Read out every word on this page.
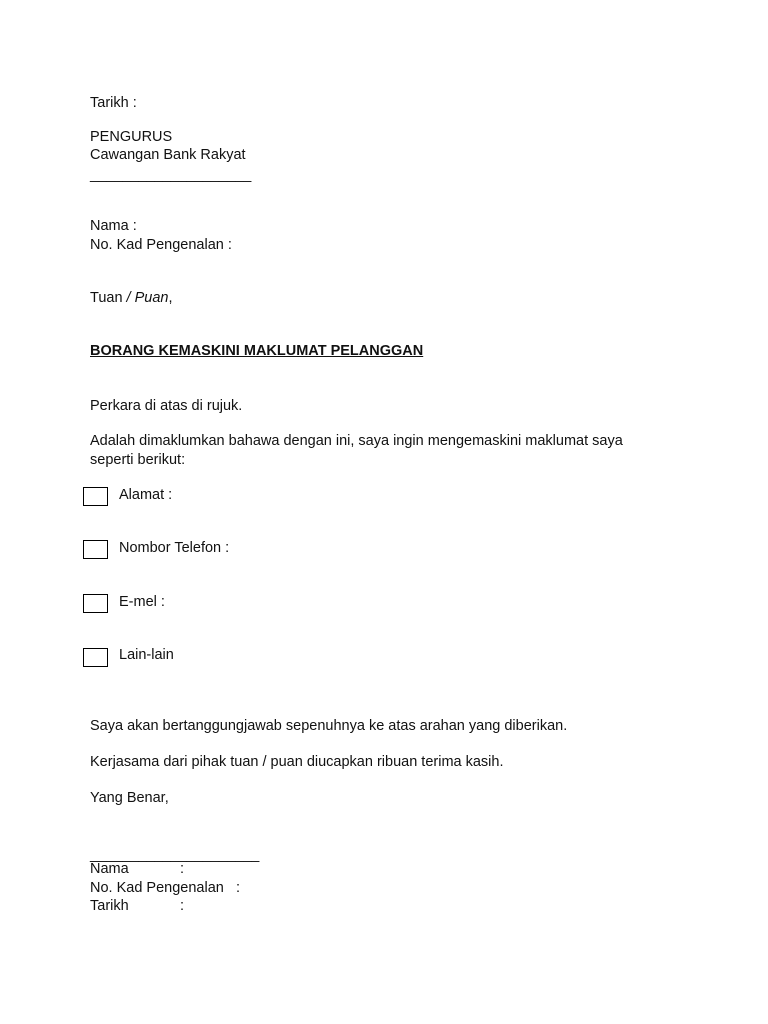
Tarikh :
PENGURUS
Cawangan Bank Rakyat
____________________
Nama :
No. Kad Pengenalan :
Tuan / Puan,
BORANG KEMASKINI MAKLUMAT PELANGGAN
Perkara di atas di rujuk.
Adalah dimaklumkan bahawa dengan ini, saya ingin mengemaskini maklumat saya seperti berikut:
Alamat :
Nombor Telefon :
E-mel :
Lain-lain
Saya akan bertanggungjawab sepenuhnya ke atas arahan yang diberikan.
Kerjasama dari pihak tuan / puan diucapkan ribuan terima kasih.
Yang Benar,
_____________________
Nama	:
No. Kad Pengenalan :
Tarikh	:
